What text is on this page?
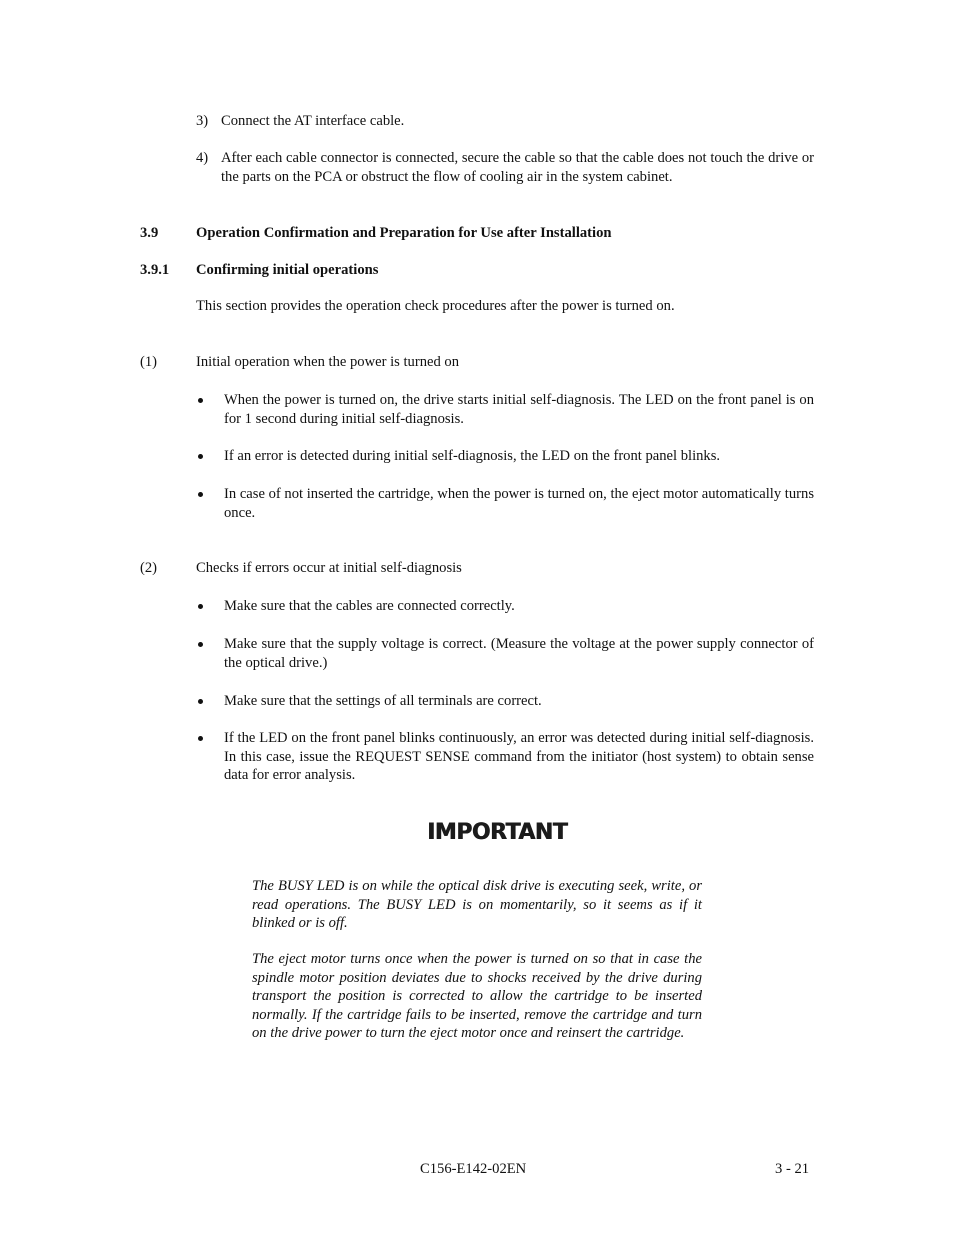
3) Connect the AT interface cable.
4) After each cable connector is connected, secure the cable so that the cable does not touch the drive or the parts on the PCA or obstruct the flow of cooling air in the system cabinet.
3.9	Operation Confirmation and Preparation for Use after Installation
3.9.1 Confirming initial operations
This section provides the operation check procedures after the power is turned on.
(1)	Initial operation when the power is turned on
When the power is turned on, the drive starts initial self-diagnosis. The LED on the front panel is on for 1 second during initial self-diagnosis.
If an error is detected during initial self-diagnosis, the LED on the front panel blinks.
In case of not inserted the cartridge, when the power is turned on, the eject motor automatically turns once.
(2)	Checks if errors occur at initial self-diagnosis
Make sure that the cables are connected correctly.
Make sure that the supply voltage is correct. (Measure the voltage at the power supply connector of the optical drive.)
Make sure that the settings of all terminals are correct.
If the LED on the front panel blinks continuously, an error was detected during initial self-diagnosis. In this case, issue the REQUEST SENSE command from the initiator (host system) to obtain sense data for error analysis.
IMPORTANT
The BUSY LED is on while the optical disk drive is executing seek, write, or read operations. The BUSY LED is on momentarily, so it seems as if it blinked or is off.
The eject motor turns once when the power is turned on so that in case the spindle motor position deviates due to shocks received by the drive during transport the position is corrected to allow the cartridge to be inserted normally. If the cartridge fails to be inserted, remove the cartridge and turn on the drive power to turn the eject motor once and reinsert the cartridge.
C156-E142-02EN	3 - 21
